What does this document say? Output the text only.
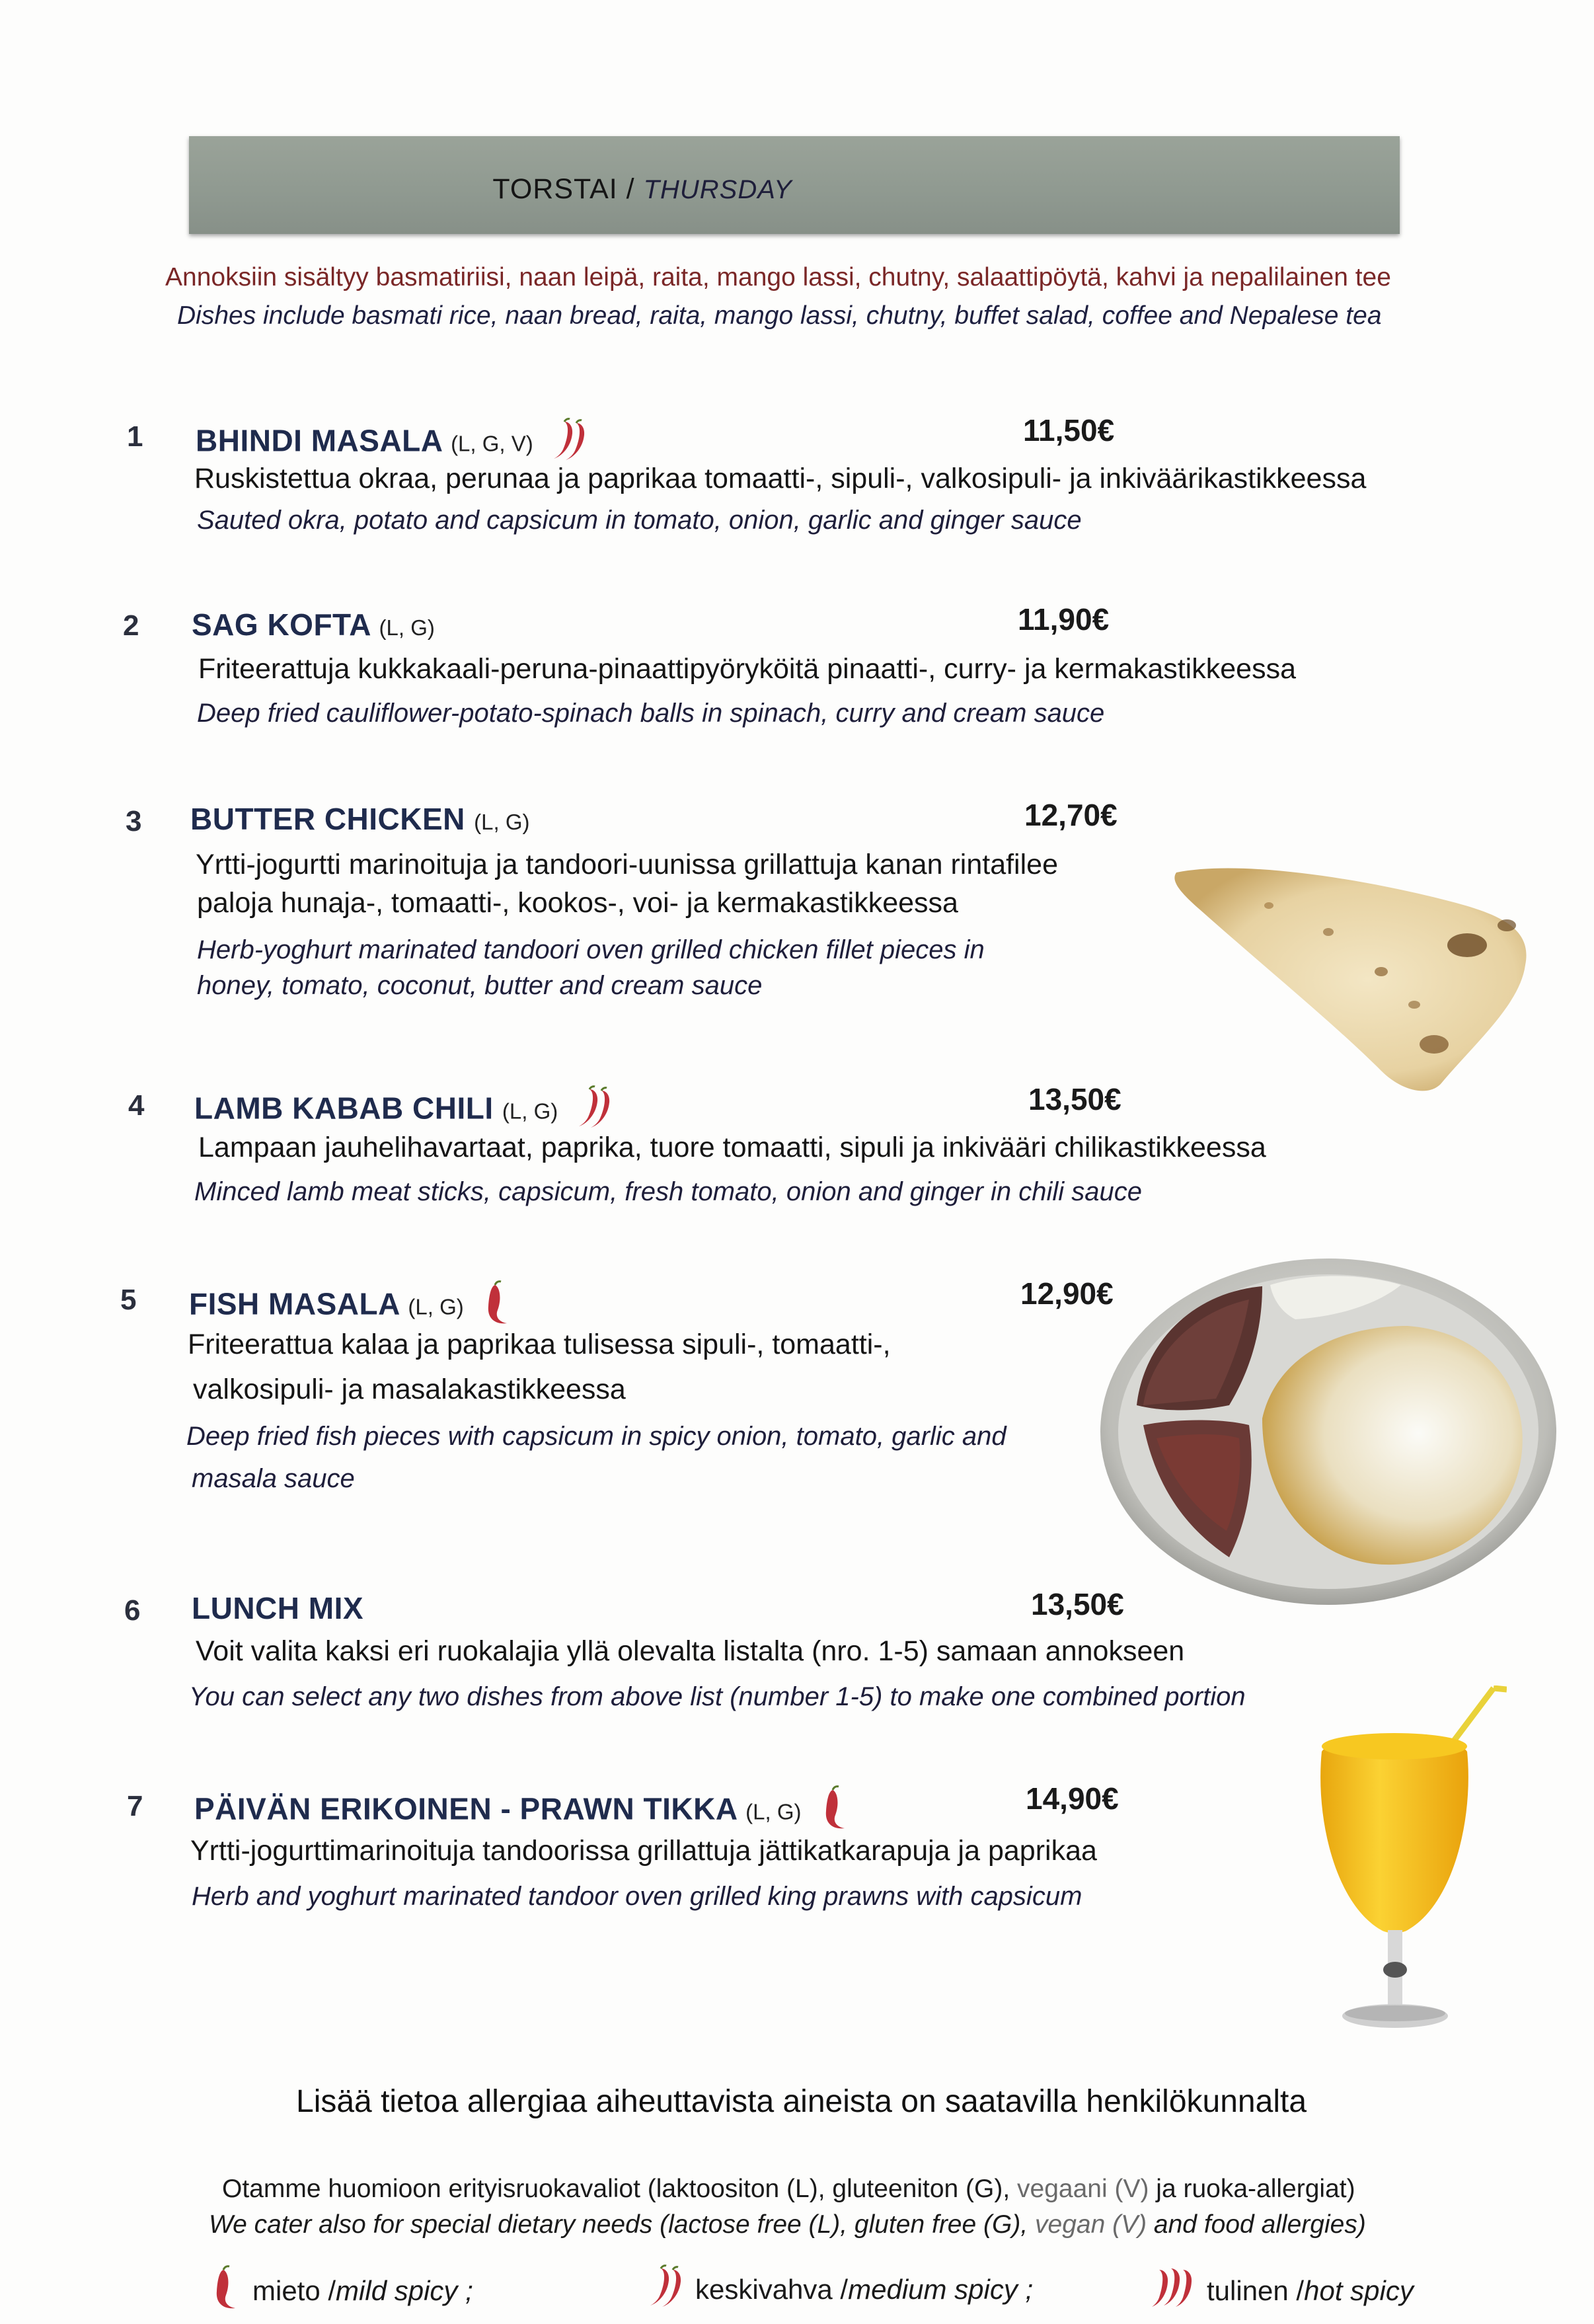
TORSTAI / THURSDAY
Annoksiin sisältyy basmatiriisi, naan leipä, raita, mango lassi, chutny, salaattipöytä, kahvi ja nepalilainen tee
Dishes include basmati rice, naan bread, raita, mango lassi, chutny, buffet salad, coffee and Nepalese tea
1 BHINDI MASALA (L, G, V)	11,50€
Ruskistettua okraa, perunaa ja paprikaa tomaatti-, sipuli-, valkosipuli- ja inkiväärikastikkeessa
Sauted okra, potato and capsicum in tomato, onion, garlic and ginger sauce
2 SAG KOFTA (L, G)	11,90€
Friteerattuja kukkakaali-peruna-pinaattipyöryköitä pinaatti-, curry- ja kermakastikkeessa
Deep fried cauliflower-potato-spinach balls in spinach, curry and cream sauce
3 BUTTER CHICKEN (L, G)	12,70€
Yrtti-jogurtti marinoituja ja tandoori-uunissa grillattuja kanan rintafilee
paloja hunaja-, tomaatti-, kookos-, voi- ja kermakastikkeessa
Herb-yoghurt marinated tandoori oven grilled chicken fillet pieces in
honey, tomato, coconut, butter and cream sauce
4 LAMB KABAB CHILI (L, G)	13,50€
Lampaan jauhelihavartaat, paprika, tuore tomaatti, sipuli ja inkivääri chilikastikkeessa
Minced lamb meat sticks, capsicum, fresh tomato, onion and ginger in chili sauce
5 FISH MASALA (L, G)	12,90€
Friteerattua kalaa ja paprikaa tulisessa sipuli-, tomaatti-,
valkosipuli- ja masalakastikkeessa
Deep fried fish pieces with capsicum in spicy onion, tomato, garlic and
masala sauce
6 LUNCH MIX	13,50€
Voit valita kaksi eri ruokalajia yllä olevalta listalta (nro. 1-5) samaan annokseen
You can select any two dishes from above list (number 1-5) to make one combined portion
7 PÄIVÄN ERIKOINEN - PRAWN TIKKA (L, G)	14,90€
Yrtti-jogurttimarinoituja tandoorissa grillattuja jättikatkarapuja ja paprikaa
Herb and yoghurt marinated tandoor oven grilled king prawns with capsicum
Lisää tietoa allergiaa aiheuttavista aineista on saatavilla henkilökunnalta
Otamme huomioon erityisruokavaliot (laktoositon (L), gluteeniton (G), vegaani (V) ja ruoka-allergiat)
We cater also for special dietary needs (lactose free (L), gluten free (G), vegan (V) and food allergies)
mieto / mild spicy ;	keskivahva / medium spicy ;	tulinen / hot spicy
